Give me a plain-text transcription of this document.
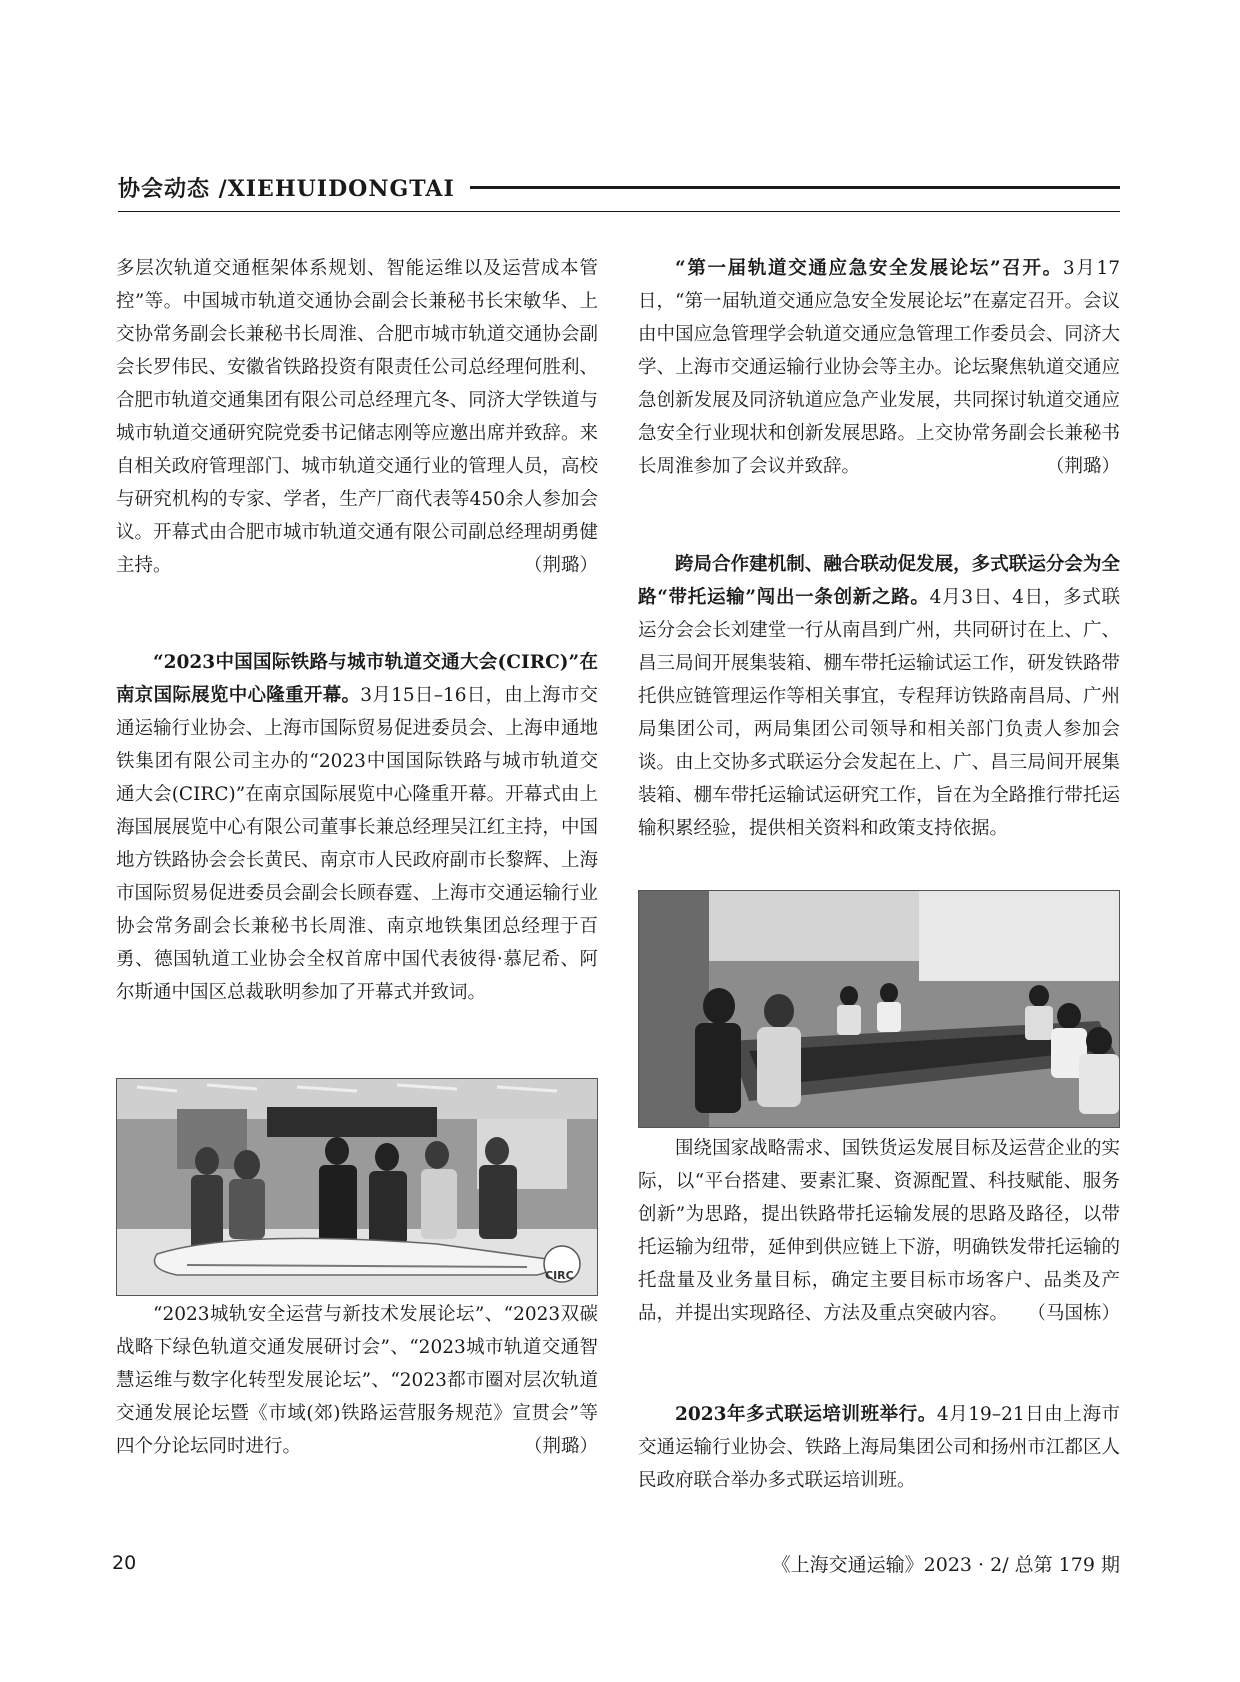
协会动态 /XIEHUIDONGTAI

多层次轨道交通框架体系规划、智能运维以及运营成本管控”等。中国城市轨道交通协会副会长兼秘书长宋敏华、上交协常务副会长兼秘书长周淮、合肥市城市轨道交通协会副会长罗伟民、安徽省铁路投资有限责任公司总经理何胜利、合肥市轨道交通集团有限公司总经理亢冬、同济大学铁道与城市轨道交通研究院党委书记储志刚等应邀出席并致辞。来自相关政府管理部门、城市轨道交通行业的管理人员，高校与研究机构的专家、学者，生产厂商代表等450余人参加会议。开幕式由合肥市城市轨道交通有限公司副总经理胡勇健主持。	（荆璐）

“2023中国国际铁路与城市轨道交通大会(CIRC)”在南京国际展览中心隆重开幕。3月15日–16日，由上海市交通运输行业协会、上海市国际贸易促进委员会、上海申通地铁集团有限公司主办的“2023中国国际铁路与城市轨道交通大会(CIRC)”在南京国际展览中心隆重开幕。开幕式由上海国展展览中心有限公司董事长兼总经理吴江红主持，中国地方铁路协会会长黄民、南京市人民政府副市长黎辉、上海市国际贸易促进委员会副会长顾春霆、上海市交通运输行业协会常务副会长兼秘书长周淮、南京地铁集团总经理于百勇、德国轨道工业协会全权首席中国代表彼得·慕尼希、阿尔斯通中国区总裁耿明参加了开幕式并致词。

CIRC

“2023城轨安全运营与新技术发展论坛”、“2023双碳战略下绿色轨道交通发展研讨会”、“2023城市轨道交通智慧运维与数字化转型发展论坛”、“2023都市圈对层次轨道交通发展论坛暨《市域(郊)铁路运营服务规范》宣贯会”等四个分论坛同时进行。	（荆璐）

“第一届轨道交通应急安全发展论坛”召开。3月17日，“第一届轨道交通应急安全发展论坛”在嘉定召开。会议由中国应急管理学会轨道交通应急管理工作委员会、同济大学、上海市交通运输行业协会等主办。论坛聚焦轨道交通应急创新发展及同济轨道应急产业发展，共同探讨轨道交通应急安全行业现状和创新发展思路。上交协常务副会长兼秘书长周淮参加了会议并致辞。	（荆璐）

跨局合作建机制、融合联动促发展，多式联运分会为全路“带托运输”闯出一条创新之路。4月3日、4日，多式联运分会会长刘建堂一行从南昌到广州，共同研讨在上、广、昌三局间开展集装箱、棚车带托运输试运工作，研发铁路带托供应链管理运作等相关事宜，专程拜访铁路南昌局、广州局集团公司，两局集团公司领导和相关部门负责人参加会谈。由上交协多式联运分会发起在上、广、昌三局间开展集装箱、棚车带托运输试运研究工作，旨在为全路推行带托运输积累经验，提供相关资料和政策支持依据。

围绕国家战略需求、国铁货运发展目标及运营企业的实际，以“平台搭建、要素汇聚、资源配置、科技赋能、服务创新”为思路，提出铁路带托运输发展的思路及路径，以带托运输为纽带，延伸到供应链上下游，明确铁发带托运输的托盘量及业务量目标，确定主要目标市场客户、品类及产品，并提出实现路径、方法及重点突破内容。	（马国栋）

2023年多式联运培训班举行。4月19–21日由上海市交通运输行业协会、铁路上海局集团公司和扬州市江都区人民政府联合举办多式联运培训班。

20	《上海交通运输》2023 · 2/ 总第 179 期
